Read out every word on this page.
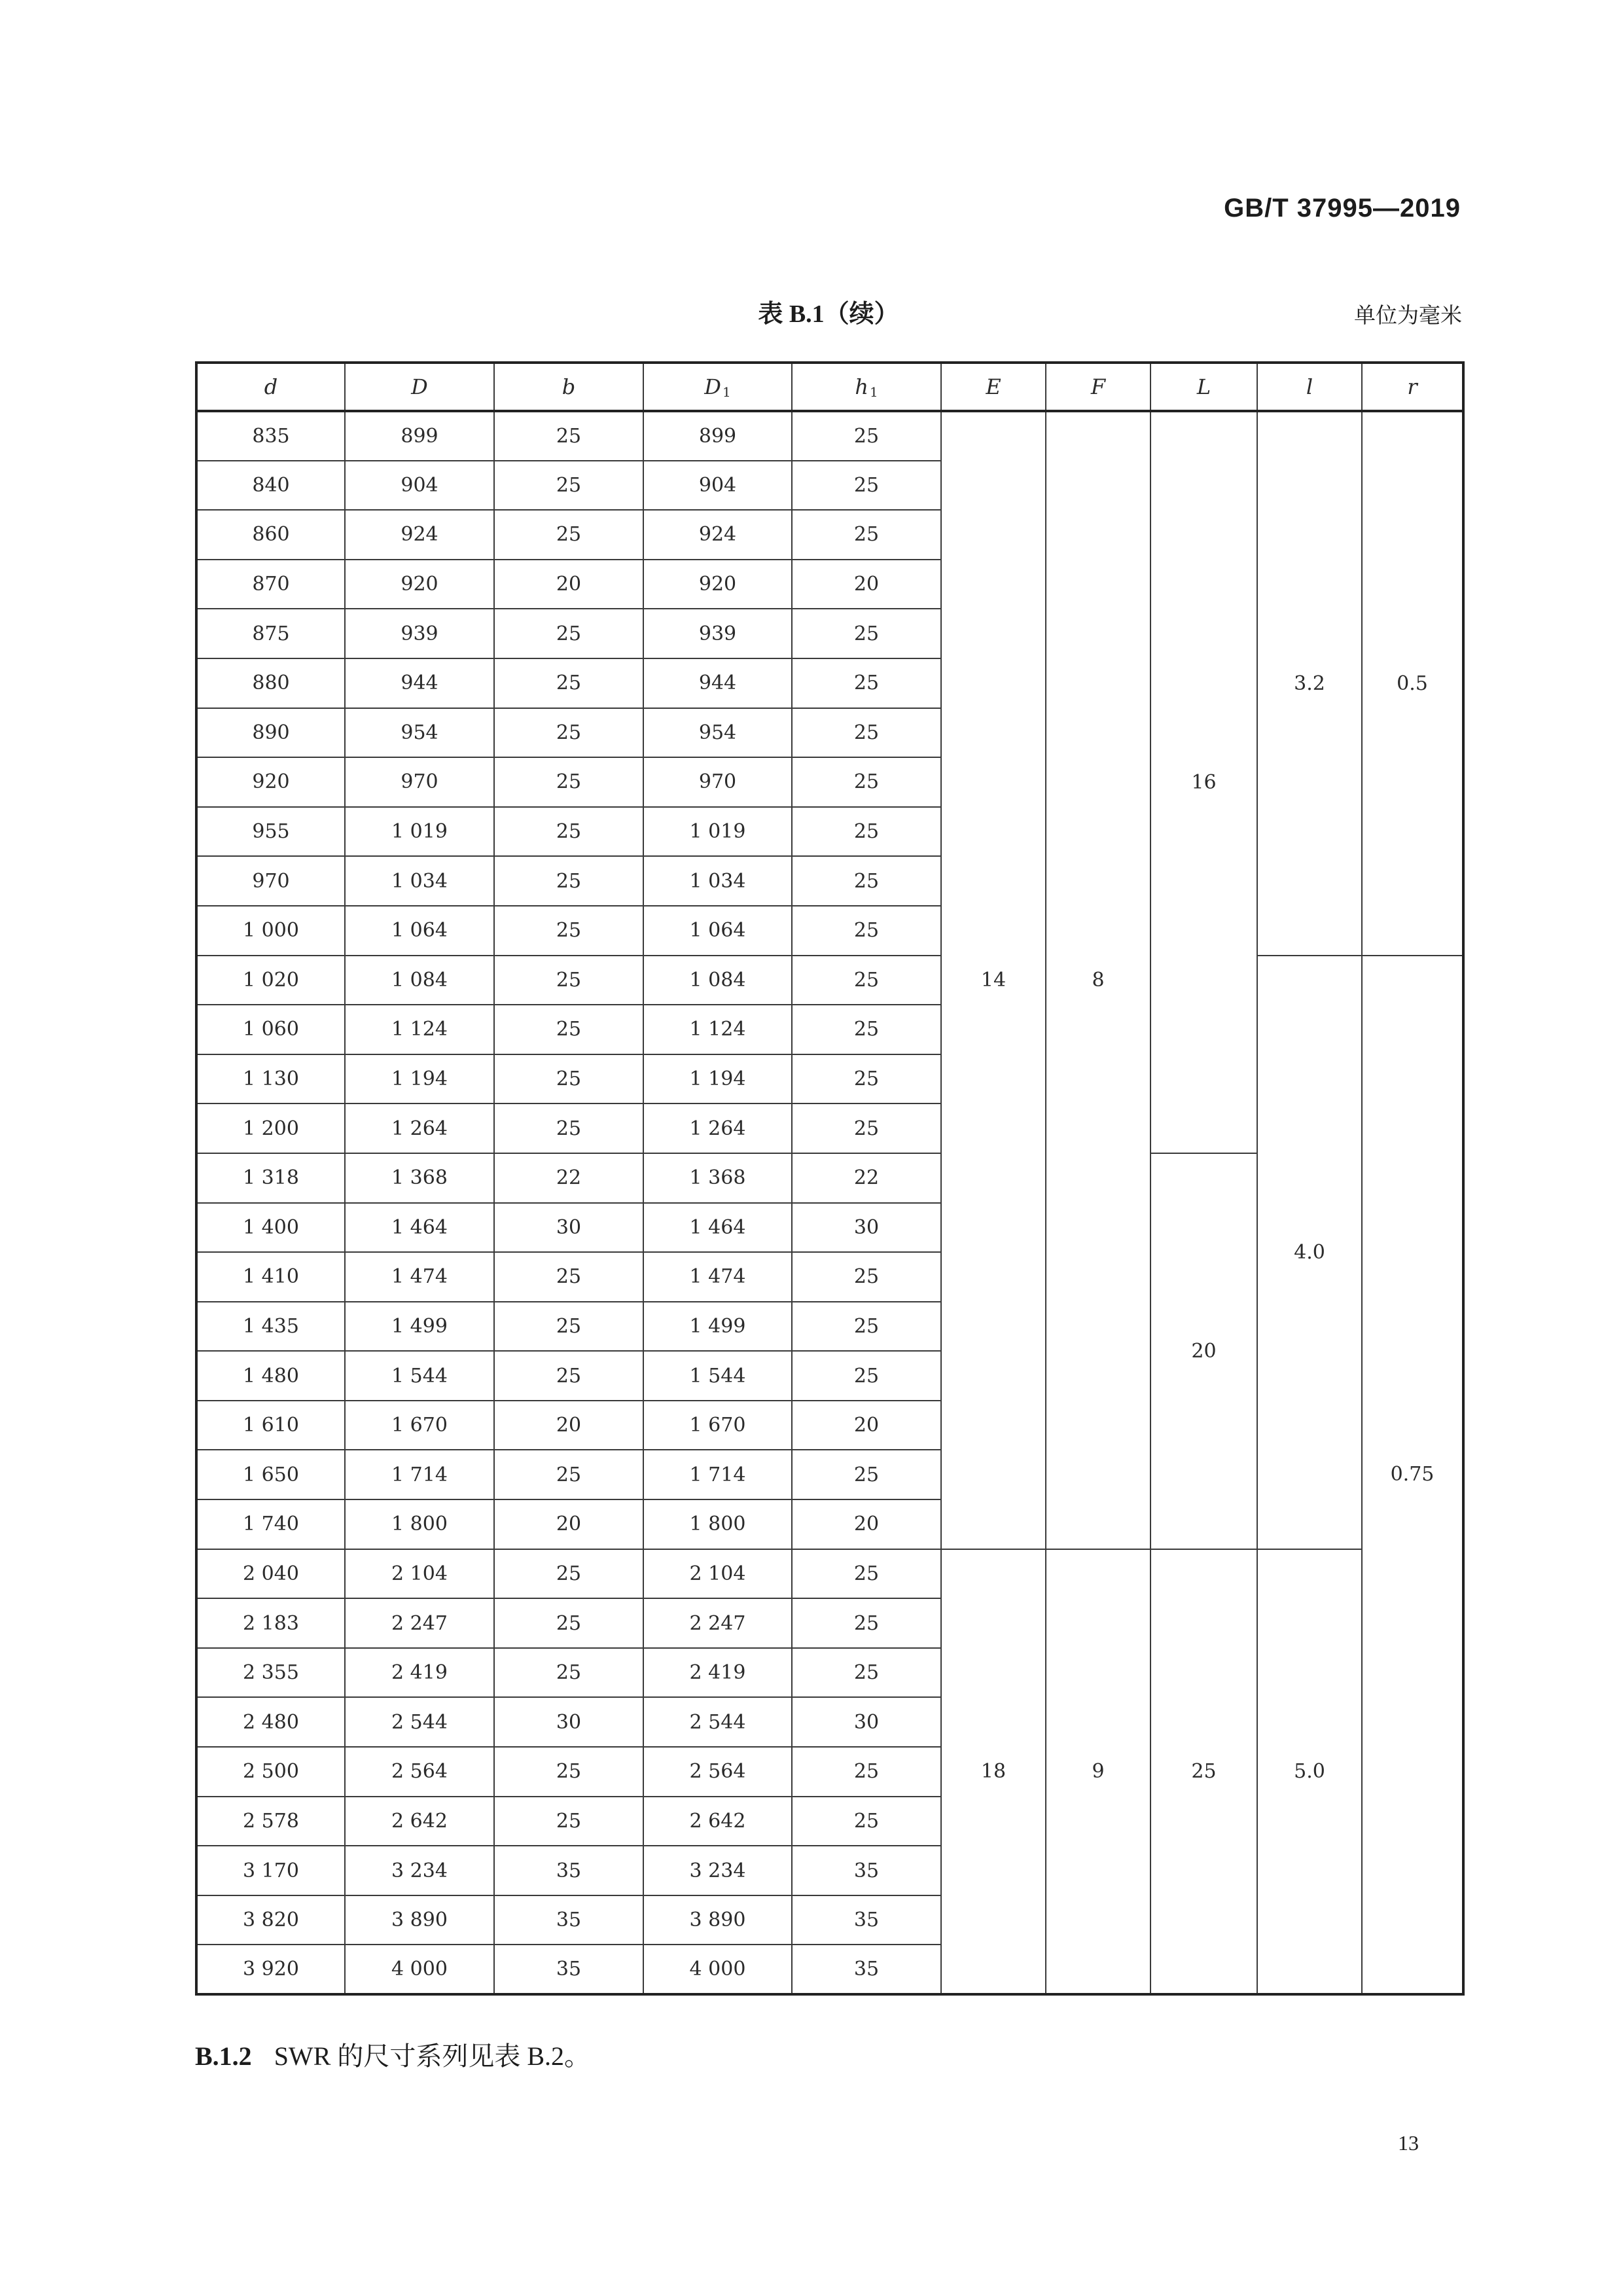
GB/T 37995—2019
表 B.1（续）	单位为毫米
d	D	b	D $_1$	h $_1$	E	F	L	l	r
835	899	25	899	25	14	8	16	3.2	0.5
840	904	25	904	25					
860	924	25	924	25					
870	920	20	920	20					
875	939	25	939	25					
880	944	25	944	25					
890	954	25	954	25					
920	970	25	970	25					
955	1 019	25	1 019	25					
970	1 034	25	1 034	25					
1 000	1 064	25	1 064	25					
1 020	1 084	25	1 084	25				4.0	0.75
1 060	1 124	25	1 124	25					
1 130	1 194	25	1 194	25					
1 200	1 264	25	1 264	25					
1 318	1 368	22	1 368	22			20		
1 400	1 464	30	1 464	30					
1 410	1 474	25	1 474	25					
1 435	1 499	25	1 499	25					
1 480	1 544	25	1 544	25					
1 610	1 670	20	1 670	20					
1 650	1 714	25	1 714	25					
1 740	1 800	20	1 800	20					
2 040	2 104	25	2 104	25	18	9	25	5.0	
2 183	2 247	25	2 247	25					
2 355	2 419	25	2 419	25					
2 480	2 544	30	2 544	30					
2 500	2 564	25	2 564	25					
2 578	2 642	25	2 642	25					
3 170	3 234	35	3 234	35					
3 820	3 890	35	3 890	35					
3 920	4 000	35	4 000	35					
B.1.2 SWR 的尺寸系列见表 B.2。
13
